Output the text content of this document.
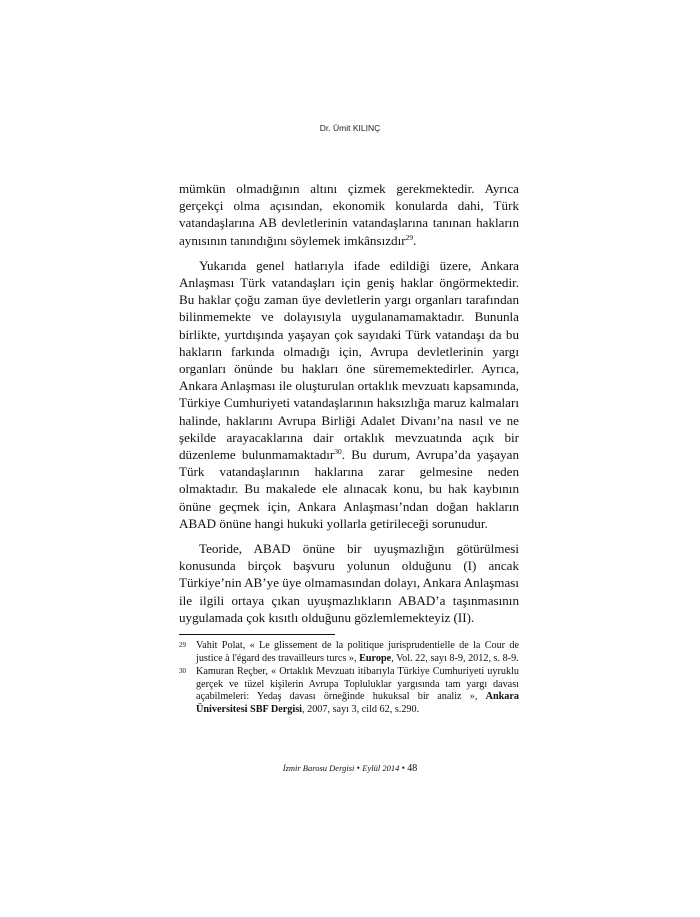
Dr. Ümit KILINÇ

mümkün olmadığının altını çizmek gerekmektedir. Ayrıca gerçekçi olma açısından, ekonomik konularda dahi, Türk vatandaşlarına AB devletlerinin vatandaşlarına tanınan hakların aynısının tanındığını söylemek imkânsızdır$^{29}$.

Yukarıda genel hatlarıyla ifade edildiği üzere, Ankara Anlaşması Türk vatandaşları için geniş haklar öngörmektedir. Bu haklar çoğu zaman üye devletlerin yargı organları tarafından bilinmemekte ve dolayısıyla uygulanamamaktadır. Bununla birlikte, yurtdışında yaşayan çok sayıdaki Türk vatandaşı da bu hakların farkında olmadığı için, Avrupa devletlerinin yargı organları önünde bu hakları öne sürememektedirler. Ayrıca, Ankara Anlaşması ile oluşturulan ortaklık mevzuatı kapsamında, Türkiye Cumhuriyeti vatandaşlarının haksızlığa maruz kalmaları halinde, haklarını Avrupa Birliği Adalet Divanı’na nasıl ve ne şekilde arayacaklarına dair ortaklık mevzuatında açık bir düzenleme bulunmamaktadır$^{30}$. Bu durum, Avrupa’da yaşayan Türk vatandaşlarının haklarına zarar gelmesine neden olmaktadır. Bu makalede ele alınacak konu, bu hak kaybının önüne geçmek için, Ankara Anlaşması’ndan doğan hakların ABAD önüne hangi hukuki yollarla getirileceği sorunudur.

Teoride, ABAD önüne bir uyuşmazlığın götürülmesi konusunda birçok başvuru yolunun olduğunu (I) ancak Türkiye’nin AB’ye üye olmamasından dolayı, Ankara Anlaşması ile ilgili ortaya çıkan uyuşmazlıkların ABAD’a taşınmasının uygulamada çok kısıtlı olduğunu gözlemlemekteyiz (II).

29 Vahit Polat, « Le glissement de la politique jurisprudentielle de la Cour de justice à l'égard des travailleurs turcs », Europe, Vol. 22, sayı 8-9, 2012, s. 8-9.
30 Kamuran Reçber, « Ortaklık Mevzuatı itibarıyla Türkiye Cumhuriyeti uyruklu gerçek ve tüzel kişilerin Avrupa Topluluklar yargısında tam yargı davası açabilmeleri: Yedaş davası örneğinde hukuksal bir analiz », Ankara Üniversitesi SBF Dergisi, 2007, sayı 3, cild 62, s.290.
İzmir Barosu Dergisi • Eylül 2014 • 48
